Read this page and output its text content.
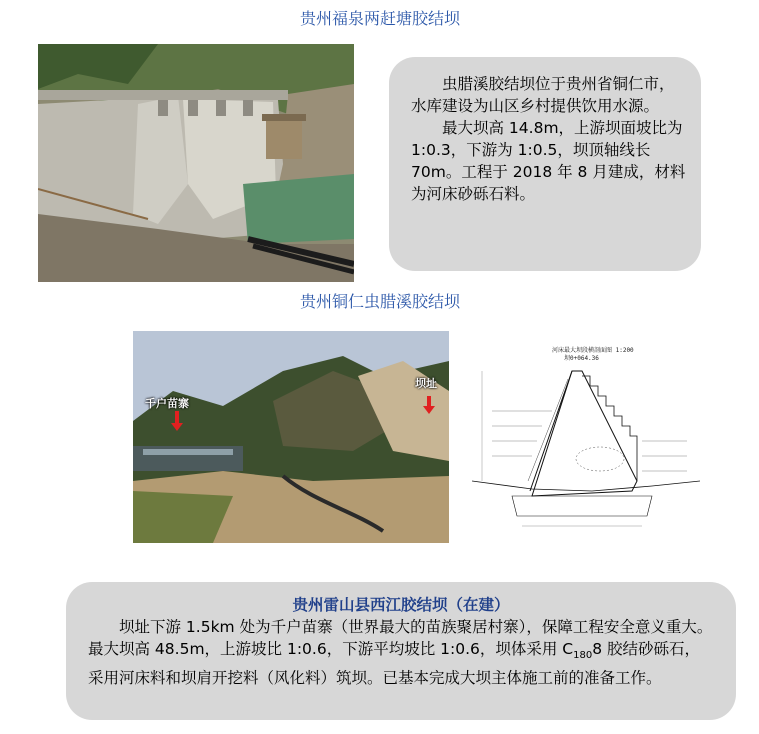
贵州福泉两赶塘胶结坝

虫腊溪胶结坝位于贵州省铜仁市，水库建设为山区乡村提供饮用水源。

最大坝高 14.8m，上游坝面坡比为 1:0.3，下游为 1:0.5，坝顶轴线长 70m。工程于 2018 年 8 月建成，材料为河床砂砾石料。

贵州铜仁虫腊溪胶结坝
千户苗寨
坝址
河床最大坝段横剖面图 1:200
坝0+064.36

贵州雷山县西江胶结坝（在建）

坝址下游 1.5km 处为千户苗寨（世界最大的苗族聚居村寨），保障工程安全意义重大。最大坝高 48.5m，上游坡比 1:0.6，下游平均坡比 1:0.6，坝体采用 $C_{180}8$ 胶结砂砾石，采用河床料和坝肩开挖料（风化料）筑坝。已基本完成大坝主体施工前的准备工作。
